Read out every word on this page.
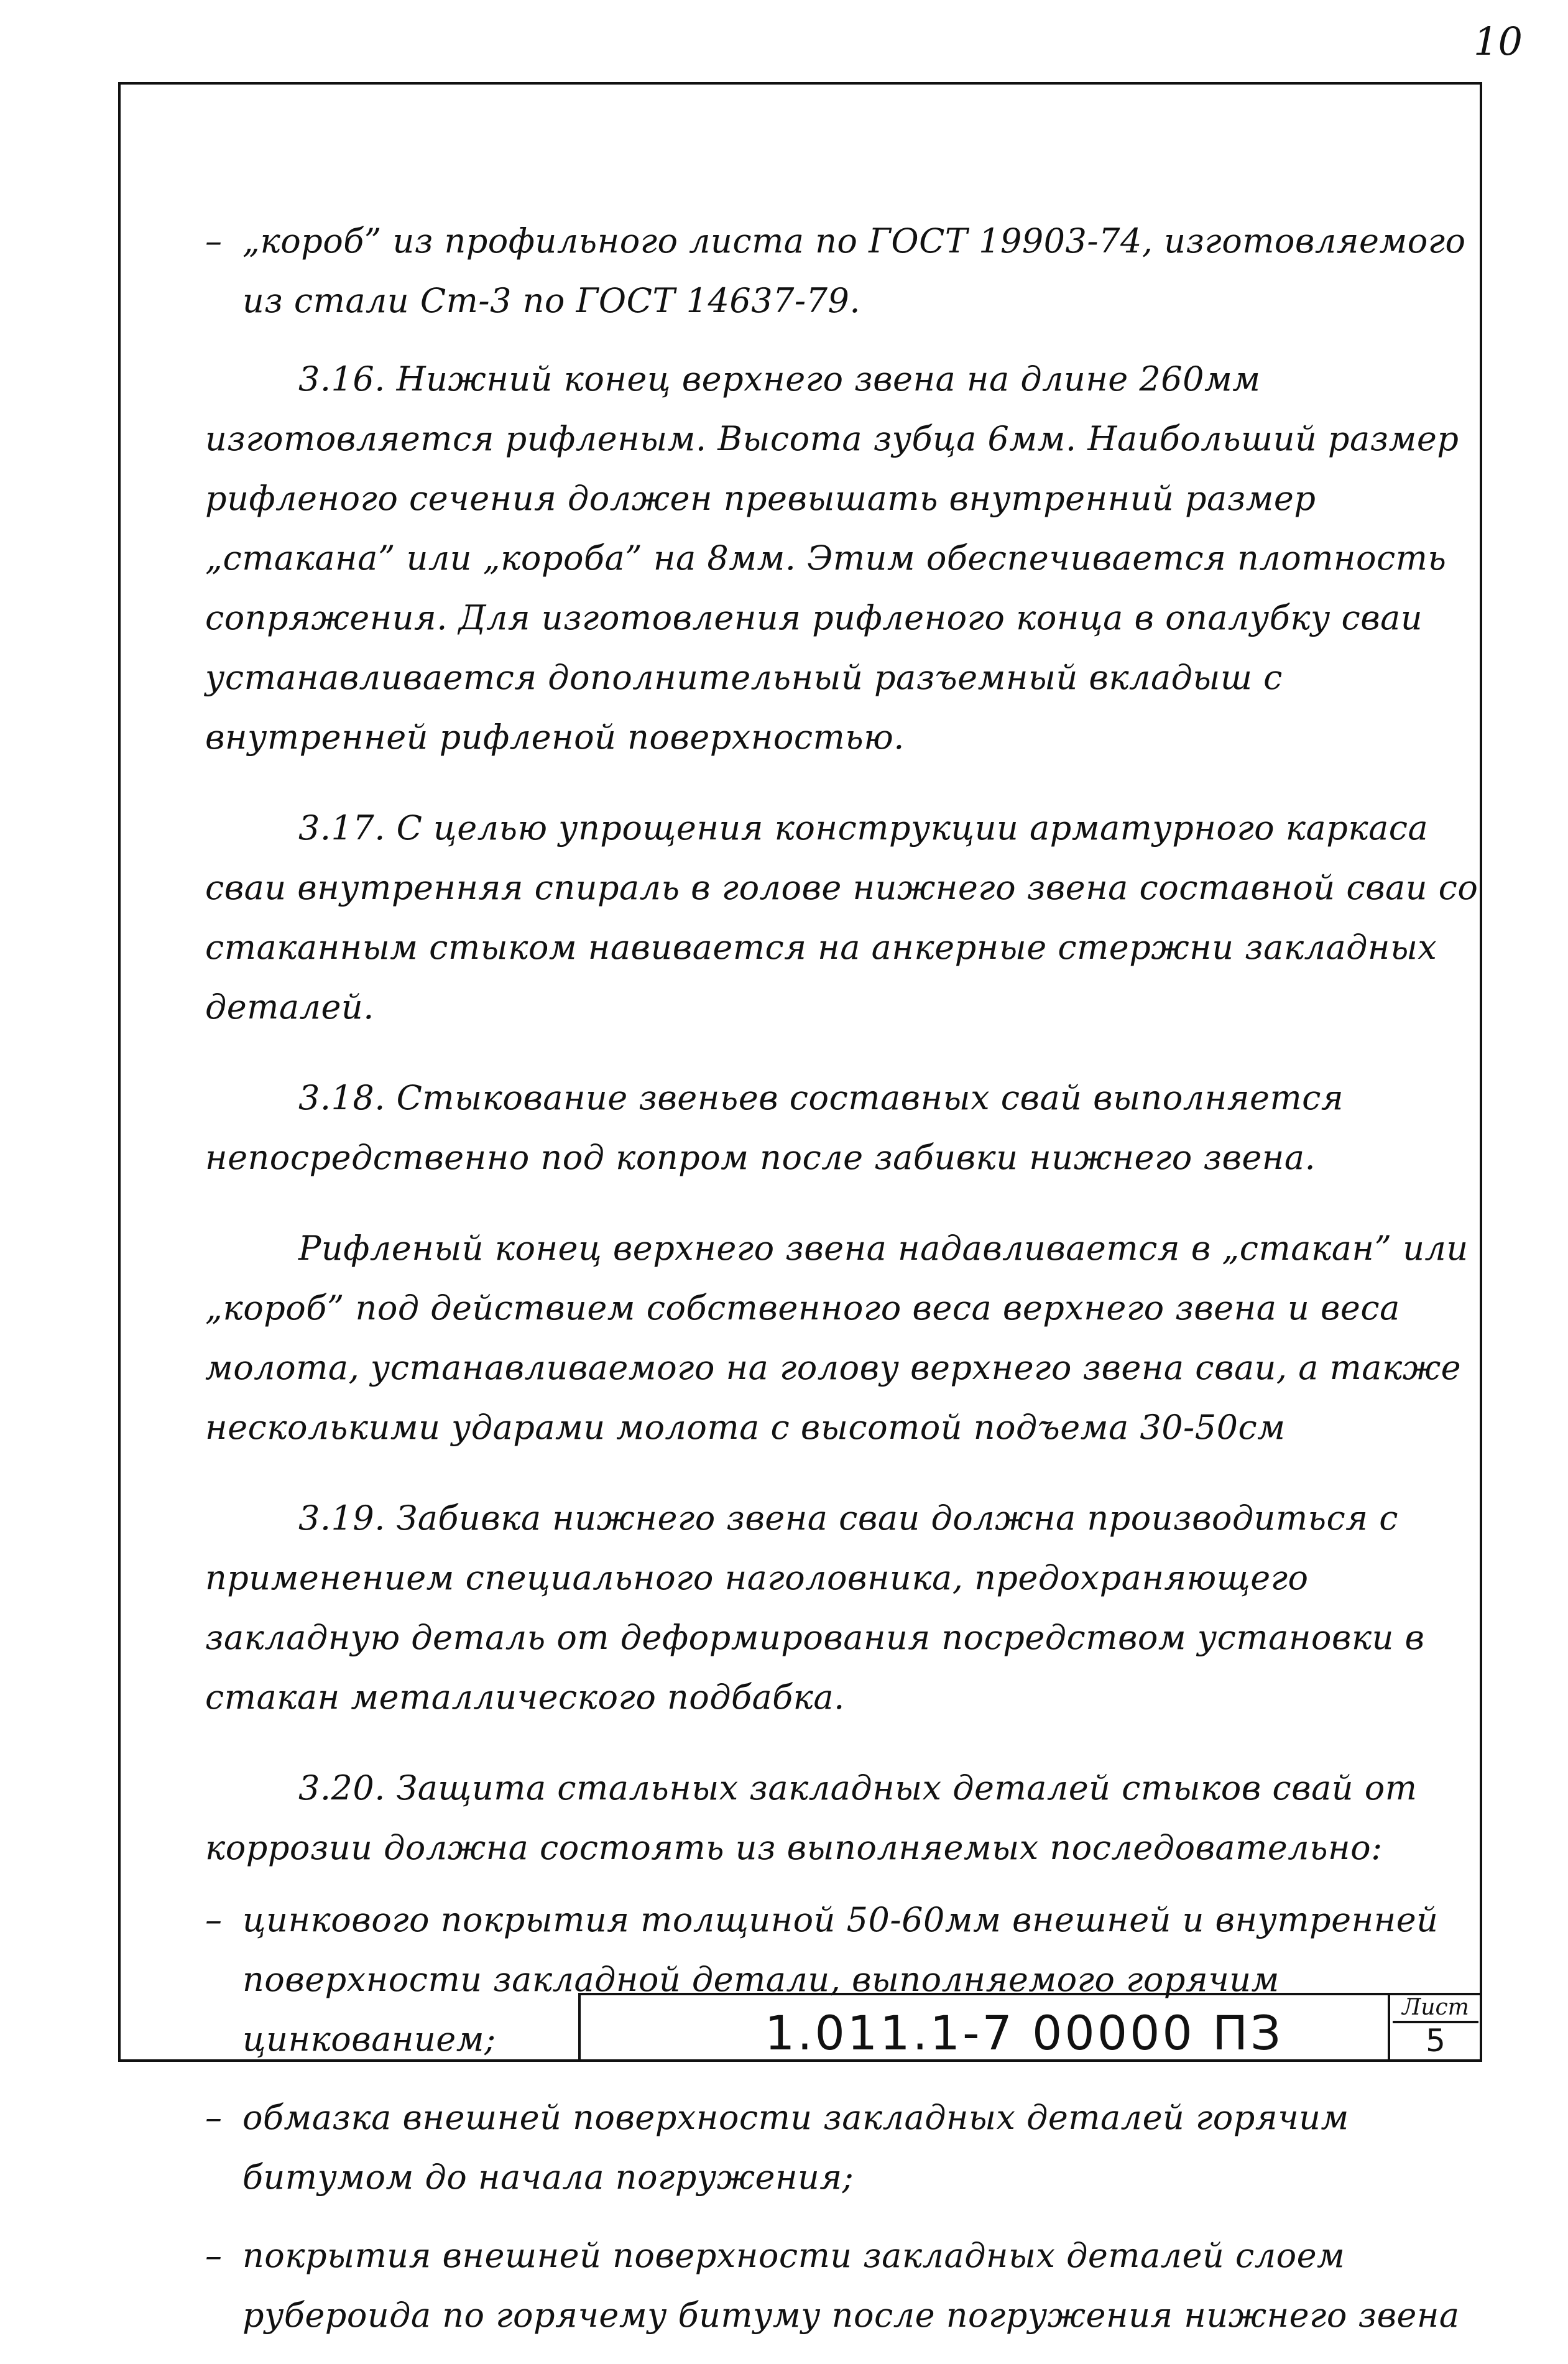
10

– „короб” из профильного листа по ГОСТ 19903-74, изготовляемого из стали Ст-3 по ГОСТ 14637-79.

3.16. Нижний конец верхнего звена на длине 260мм изготовляется рифленым. Высота зубца 6мм. Наибольший размер рифленого сечения должен превышать внутренний размер „стакана” или „короба” на 8мм. Этим обеспечивается плотность сопряжения. Для изготовления рифленого конца в опалубку сваи устанавливается дополнительный разъемный вкладыш с внутренней рифленой поверхностью.

3.17. С целью упрощения конструкции арматурного каркаса сваи внутренняя спираль в голове нижнего звена составной сваи со стаканным стыком навивается на анкерные стержни закладных деталей.

3.18. Стыкование звеньев составных свай выполняется непосредственно под копром после забивки нижнего звена.

Рифленый конец верхнего звена надавливается в „стакан” или „короб” под действием собственного веса верхнего звена и веса молота, устанавливаемого на голову верхнего звена сваи, а также несколькими ударами молота с высотой подъема 30-50см

3.19. Забивка нижнего звена сваи должна производиться с применением специального наголовника, предохраняющего закладную деталь от деформирования посредством установки в стакан металлического подбабка.

3.20. Защита стальных закладных деталей стыков свай от коррозии должна состоять из выполняемых последовательно:

– цинкового покрытия толщиной 50-60мм внешней и внутренней поверхности закладной детали, выполняемого горячим цинкованием;

– обмазка внешней поверхности закладных деталей горячим битумом до начала погружения;

– покрытия внешней поверхности закладных деталей слоем рубероида по горячему битуму после погружения нижнего звена

1.011.1-7 00000 ПЗ	Лист
5
